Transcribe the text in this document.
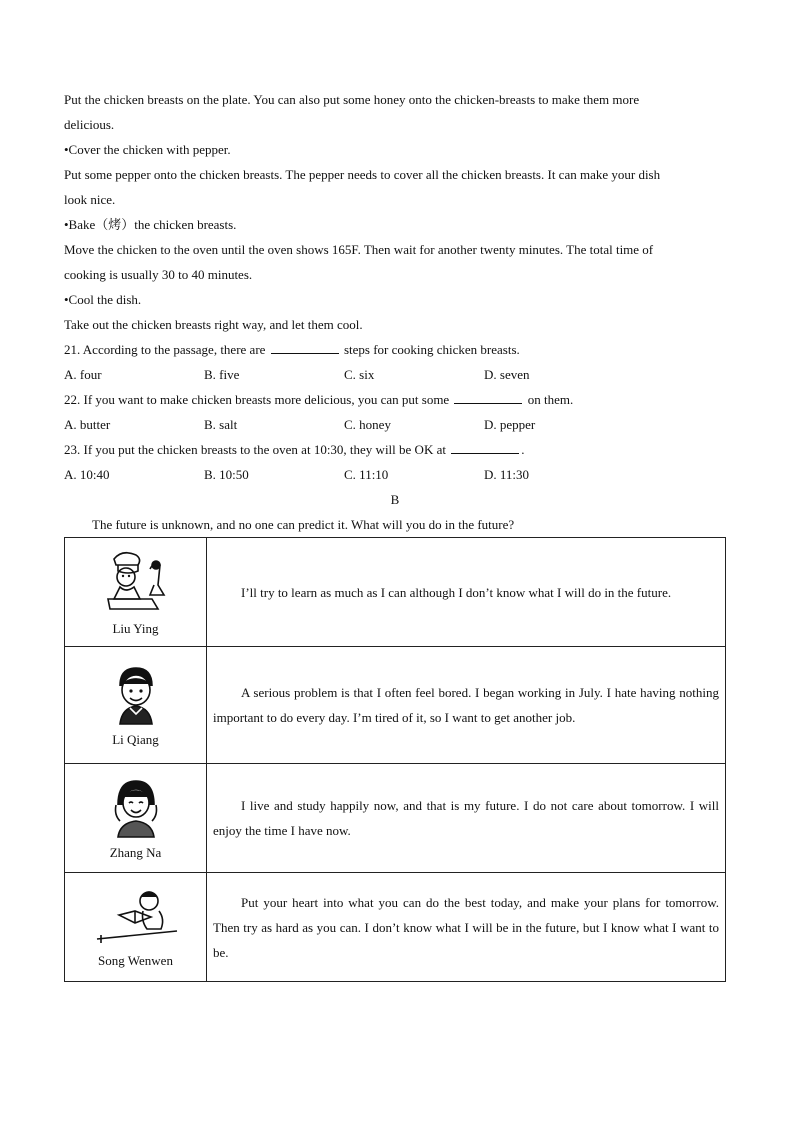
Put the chicken breasts on the plate. You can also put some honey onto the chicken-breasts to make them more
delicious.
•Cover the chicken with pepper.
Put some pepper onto the chicken breasts. The pepper needs to cover all the chicken breasts. It can make your dish
look nice.
•Bake（烤）the chicken breasts.
Move the chicken to the oven until the oven shows 165F. Then wait for another twenty minutes. The total time of
cooking is usually 30 to 40 minutes.
•Cool the dish.
Take out the chicken breasts right way, and let them cool.
21. According to the passage, there are	steps for cooking chicken breasts.
A. four	B. five	C. six	D. seven
22. If you want to make chicken breasts more delicious, you can put some	on them.
A. butter	B. salt	C. honey	D. pepper
23. If you put the chicken breasts to the oven at 10:30, they will be OK at	.
A. 10:40	B. 10:50	C. 11:10	D. 11:30
B
The future is unknown, and no one can predict it. What will you do in the future?
Liu Ying	I’ll try to learn as much as I can although I don’t know what I will do in the future.

Li Qiang	A serious problem is that I often feel bored. I began working in July. I hate having nothing important to do every day. I’m tired of it, so I want to get another job.

Zhang Na	I live and study happily now, and that is my future. I do not care about tomorrow. I will enjoy the time I have now.

Song Wenwen	Put your heart into what you can do the best today, and make your plans for tomorrow. Then try as hard as you can. I don’t know what I will be in the future, but I know what I want to be.
